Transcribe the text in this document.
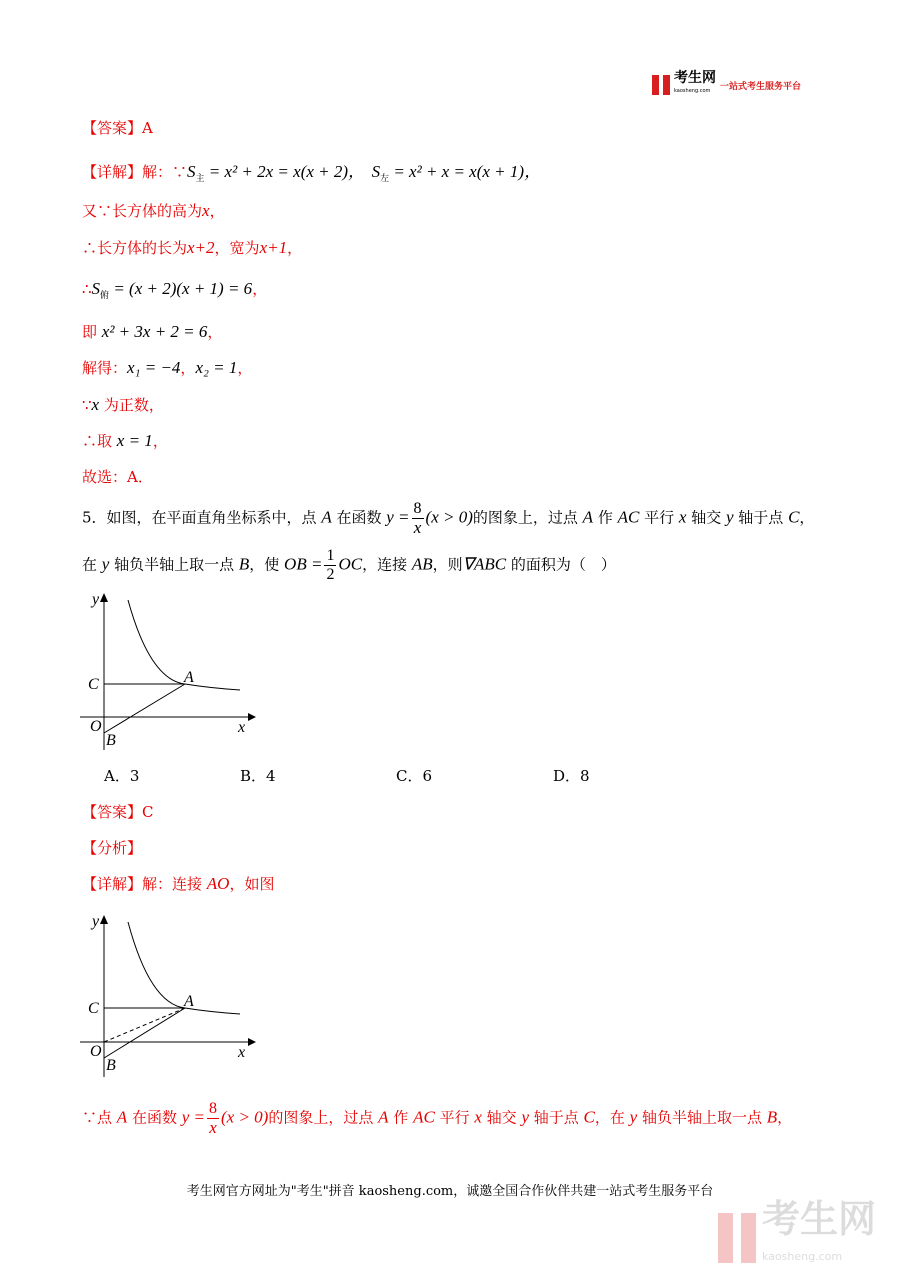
考生网
kaosheng.com	一站式考生服务平台
【答案】A
【详解】解：$\because S_主 = x^2 + 2x = x(x + 2)$，　 $S_左 = x^2 + x = x(x + 1)$，
又∵长方体的高为x，
∴长方体的长为x+2，宽为x+1，
$\therefore S_俯 = (x + 2)(x + 1) = 6$，
即 x² + 3x + 2 = 6，
解得：x₁ = −4，x₂ = 1，
∵x 为正数，
∴取 x = 1，
故选：A．
5．如图，在平面直角坐标系中，点 A 在函数 $y = \frac{8}{x} (x > 0)$的图象上，过点 A 作 AC 平行 x 轴交 y 轴于点 C，
在 y 轴负半轴上取一点 B，使 OB = $\frac{1}{2}$ OC，连接 AB，则∇ABC 的面积为（　）
y
x
C	A
O
B
A．3	B．4	C．6	D．8
【答案】C
【分析】
【详解】解：连接 AO，如图
y
x
C	A
O
B
∵点 A 在函数 $y = \frac{8}{x} (x > 0)$的图象上，过点 A 作 AC 平行 x 轴交 y 轴于点 C，在 y 轴负半轴上取一点 B，
考生网官方网址为"考生"拼音 kaosheng.com，诚邀全国合作伙伴共建一站式考生服务平台
考生网
kaosheng.com
